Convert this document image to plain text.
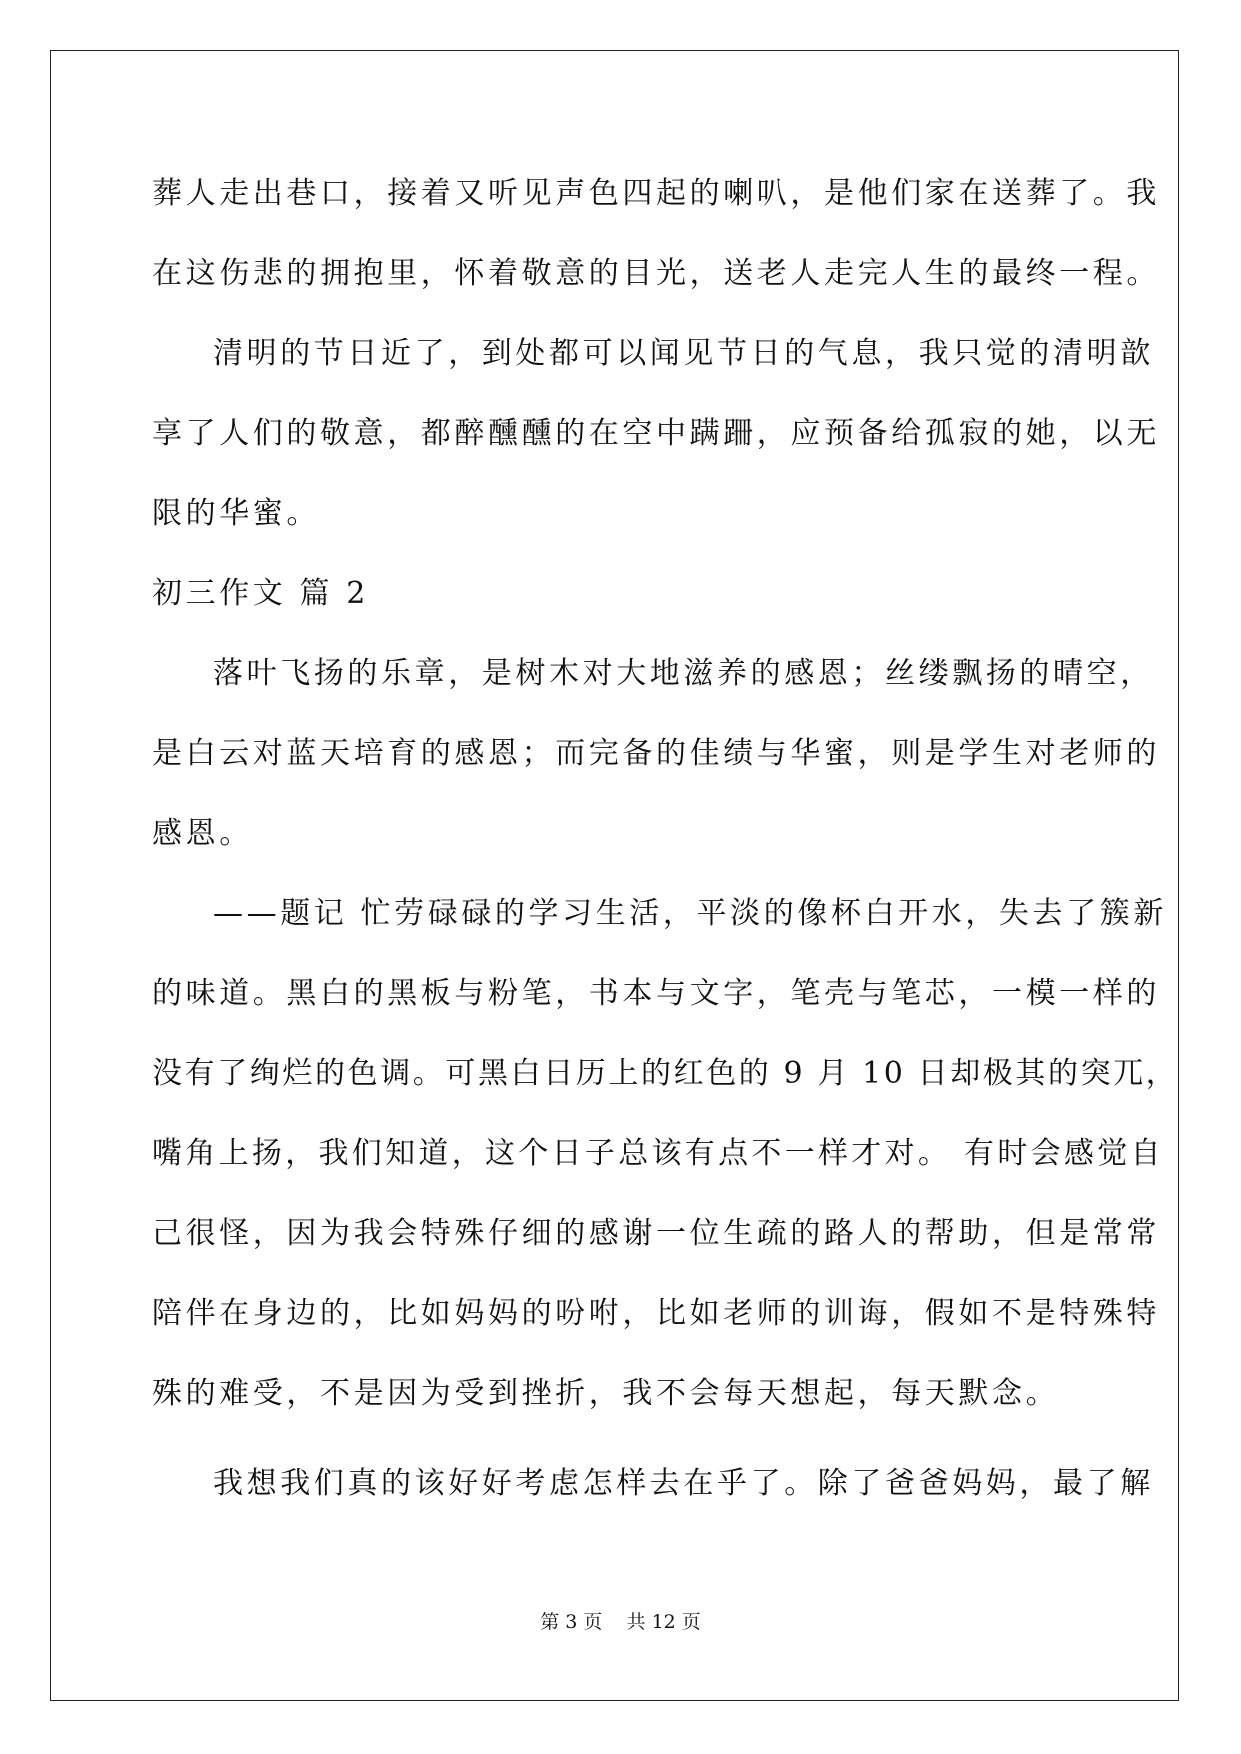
葬人走出巷口，接着又听见声色四起的喇叭，是他们家在送葬了。我
在这伤悲的拥抱里，怀着敬意的目光，送老人走完人生的最终一程。
清明的节日近了，到处都可以闻见节日的气息，我只觉的清明歆
享了人们的敬意，都醉醺醺的在空中蹒跚，应预备给孤寂的她，以无
限的华蜜。
初三作文 篇 2
落叶飞扬的乐章，是树木对大地滋养的感恩；丝缕飘扬的晴空，
是白云对蓝天培育的感恩；而完备的佳绩与华蜜，则是学生对老师的
感恩。
——题记 忙劳碌碌的学习生活，平淡的像杯白开水，失去了簇新
的味道。黑白的黑板与粉笔，书本与文字，笔壳与笔芯，一模一样的
没有了绚烂的色调。可黑白日历上的红色的 9 月 10 日却极其的突兀，
嘴角上扬，我们知道，这个日子总该有点不一样才对。 有时会感觉自
己很怪，因为我会特殊仔细的感谢一位生疏的路人的帮助，但是常常
陪伴在身边的，比如妈妈的吩咐，比如老师的训诲，假如不是特殊特
殊的难受，不是因为受到挫折，我不会每天想起，每天默念。
我想我们真的该好好考虑怎样去在乎了。除了爸爸妈妈，最了解
第 3 页    共 12 页
